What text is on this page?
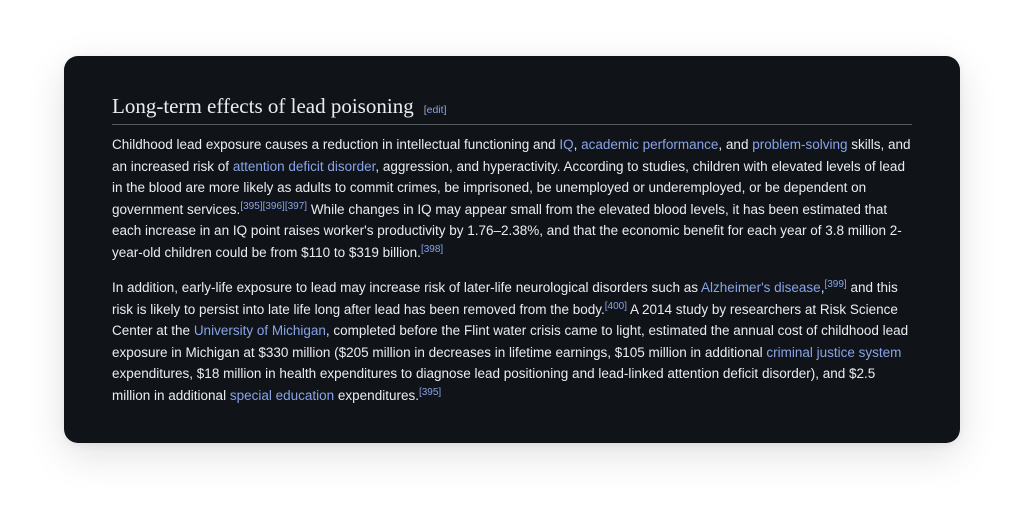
Long-term effects of lead poisoning [edit]

Childhood lead exposure causes a reduction in intellectual functioning and IQ, academic performance, and problem-solving skills, and an increased risk of attention deficit disorder, aggression, and hyperactivity. According to studies, children with elevated levels of lead in the blood are more likely as adults to commit crimes, be imprisoned, be unemployed or underemployed, or be dependent on government services.[395][396][397] While changes in IQ may appear small from the elevated blood levels, it has been estimated that each increase in an IQ point raises worker's productivity by 1.76–2.38%, and that the economic benefit for each year of 3.8 million 2-year-old children could be from $110 to $319 billion.[398]

In addition, early-life exposure to lead may increase risk of later-life neurological disorders such as Alzheimer's disease,[399] and this risk is likely to persist into late life long after lead has been removed from the body.[400] A 2014 study by researchers at Risk Science Center at the University of Michigan, completed before the Flint water crisis came to light, estimated the annual cost of childhood lead exposure in Michigan at $330 million ($205 million in decreases in lifetime earnings, $105 million in additional criminal justice system expenditures, $18 million in health expenditures to diagnose lead positioning and lead-linked attention deficit disorder), and $2.5 million in additional special education expenditures.[395]
